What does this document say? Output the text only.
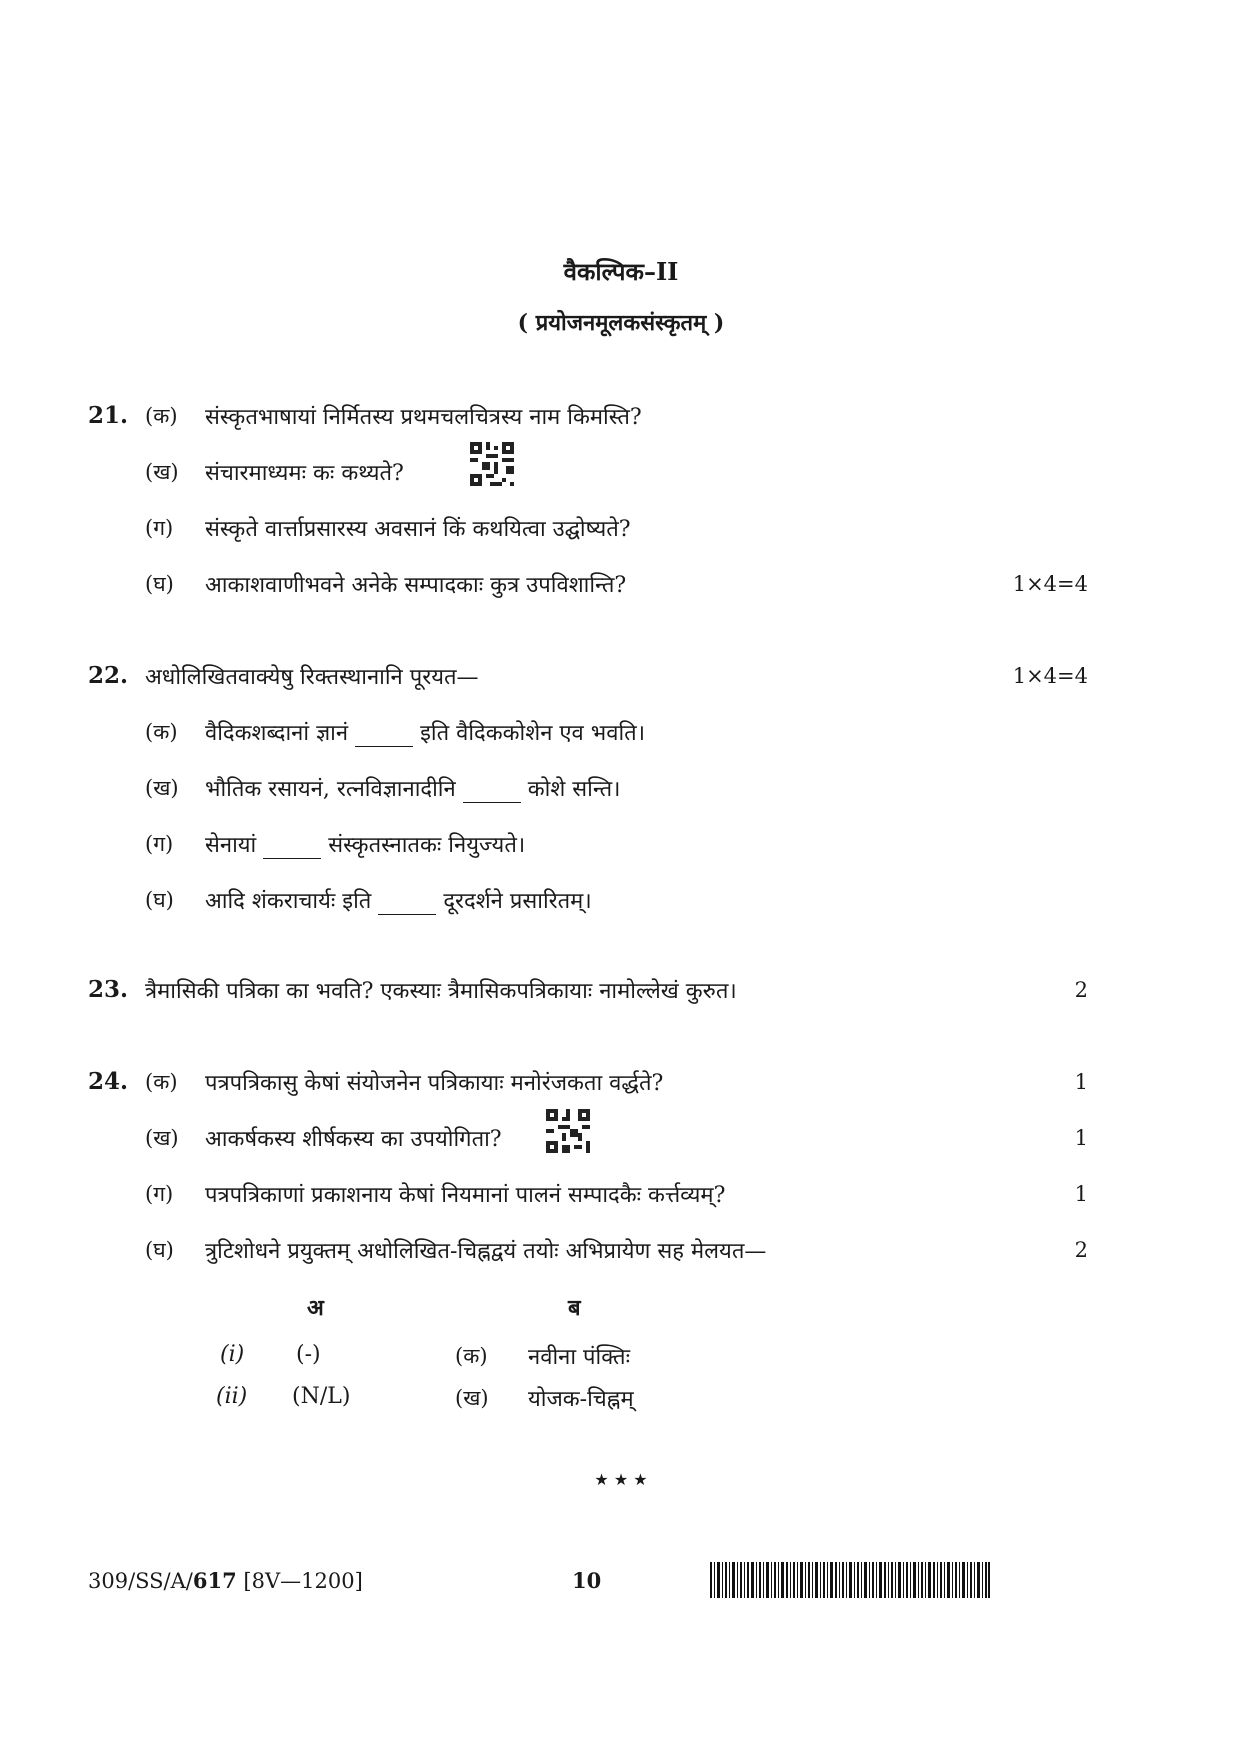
वैकल्पिक–II
( प्रयोजनमूलकसंस्कृतम् )
21. (क) संस्कृतभाषायां निर्मितस्य प्रथमचलचित्रस्य नाम किमस्ति?
(ख) संचारमाध्यमः कः कथ्यते?
(ग) संस्कृते वार्त्ताप्रसारस्य अवसानं किं कथयित्वा उद्घोष्यते?
(घ) आकाशवाणीभवने अनेके सम्पादकाः कुत्र उपविशान्ति?	1×4=4
22. अधोलिखितवाक्येषु रिक्तस्थानानि पूरयत—	1×4=4
(क) वैदिकशब्दानां ज्ञानं	इति वैदिककोशेन एव भवति।
(ख) भौतिक रसायनं, रत्नविज्ञानादीनि	कोशे सन्ति।
(ग) सेनायां	संस्कृतस्नातकः नियुज्यते।
(घ) आदि शंकराचार्यः इति	दूरदर्शने प्रसारितम्।
23. त्रैमासिकी पत्रिका का भवति? एकस्याः त्रैमासिकपत्रिकायाः नामोल्लेखं कुरुत।	2
24. (क) पत्रपत्रिकासु केषां संयोजनेन पत्रिकायाः मनोरंजकता वर्द्धते?	1
(ख) आकर्षकस्य शीर्षकस्य का उपयोगिता?	1
(ग) पत्रपत्रिकाणां प्रकाशनाय केषां नियमानां पालनं सम्पादकैः कर्त्तव्यम्?	1
(घ) त्रुटिशोधने प्रयुक्तम् अधोलिखित-चिह्नद्वयं तयोः अभिप्रायेण सह मेलयत—	2
अ	ब
(i) (-)	(क) नवीना पंक्तिः
(ii) (N/L)	(ख) योजक-चिह्नम्
★ ★ ★
309/SS/A/617 [8V—1200]	10
